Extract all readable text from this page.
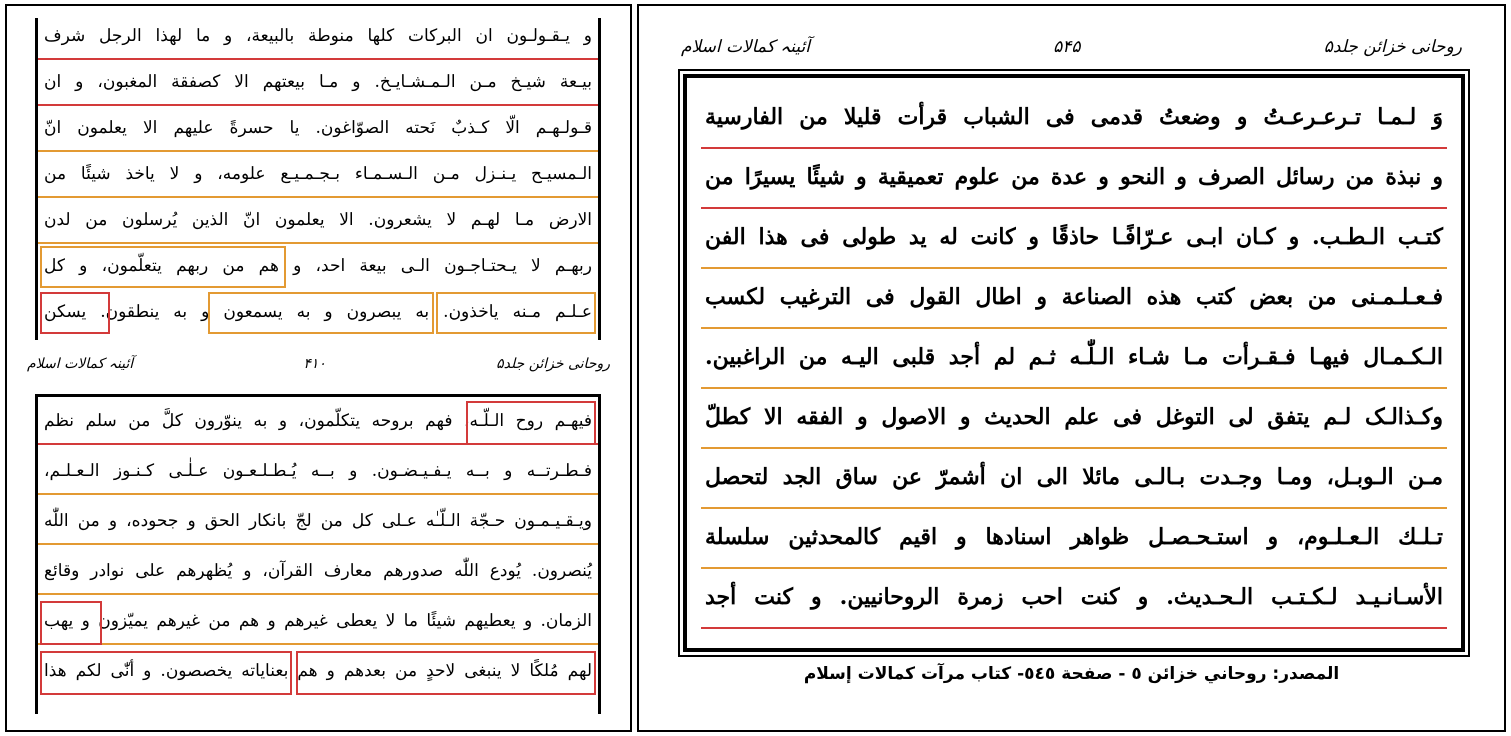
و يـقـولـون ان البركات كلها منوطة بالبيعة، و ما لهذا الرجل شرف
بيـعة شيـخ مـن الـمـشـايـخ. و مـا بيعتهم الا كصفقة المغبون، و ان
قـولـهـم الّا كـذبٌ نَحته الصوّاغون. يا حسرةً عليهم الا يعلمون انّ
الـمسيـح يـنـزل مـن الـسـمـاء بـجـمـيـع علومه، و لا ياخذ شيئًا من
الارض مـا لهـم لا يشعرون. الا يعلمون انّ الذين يُرسلون من لدن
ربهـم لا يـحتـاجـون الـى بيعة احد، و هم من ربهم يتعلّمون، و كل
عـلـم مـنه ياخذون. به يبصرون و به يسمعون و به ينطقون. يسكن
روحانى خزائن جلد۵
۴۱۰
آئینہ کمالات اسلام
فيهـم روح الـلّـه، فهم بروحه يتكلّمون، و به ينوّرون كلَّ من سلم نظم
فـطـرتــه و بــه يـفـيـضـون. و بــه يُـطـلـعـون عـلٰـى كـنـوز الـعـلـم،
ويـقـيـمـون حـجّة الـلّـٰه عـلى كل من لجّ بانكار الحق و جحوده، و من اللّٰه
يُنصرون. يُودع اللّٰه صدورهم معارف القرآن، و يُظهرهم على نوادر وقائع
الزمان. و يعطيهم شيئًا ما لا يعطى غيرهم و هم من غيرهم يميّزون و يهب
لهم مُلكًا لا ينبغى لاحدٍ من بعدهم و هم بعناياته يخصصون. و أنّٰى لكم هذا
روحانى خزائن جلد۵
۵۴۵
آئینہ کمالات اسلام
وَ لـمـا تـرعـرعـتُ و وضعتُ قدمى فى الشباب قرأت قليلا من الفارسية
و نبذة من رسائل الصرف و النحو و عدة من علوم تعميقية و شيئًا يسيرًا من
كتـب الـطـب. و كـان ابـى عـرّافًـا حاذقًا و كانت له يد طولى فى هذا الفن
فـعـلـمـنى من بعض كتب هذه الصناعة و اطال القول فى الترغيب لكسب
الـكـمـال فيهـا فـقـرأت مـا شـاء الـلّٰـه ثـم لم أجد قلبى اليـه من الراغبين.
وكـذالـک لـم يتفق لى التوغل فى علم الحديث و الاصول و الفقه الا كطلّ
مـن الـوبـل، ومـا وجـدت بـالـى مائلا الى ان أشمرّ عن ساق الجد لتحصل
تـلـك الـعـلـوم، و استـحـصـل ظواهر اسنادها و اقيم كالمحدثين سلسلة
الأسـانـيـد لـكـتـب الـحـديث. و كنت احب زمرة الروحانيين. و كنت أجد
المصدر: روحاني خزائن ٥ - صفحة ٥٤٥- كتاب مرآت كمالات إسلام
